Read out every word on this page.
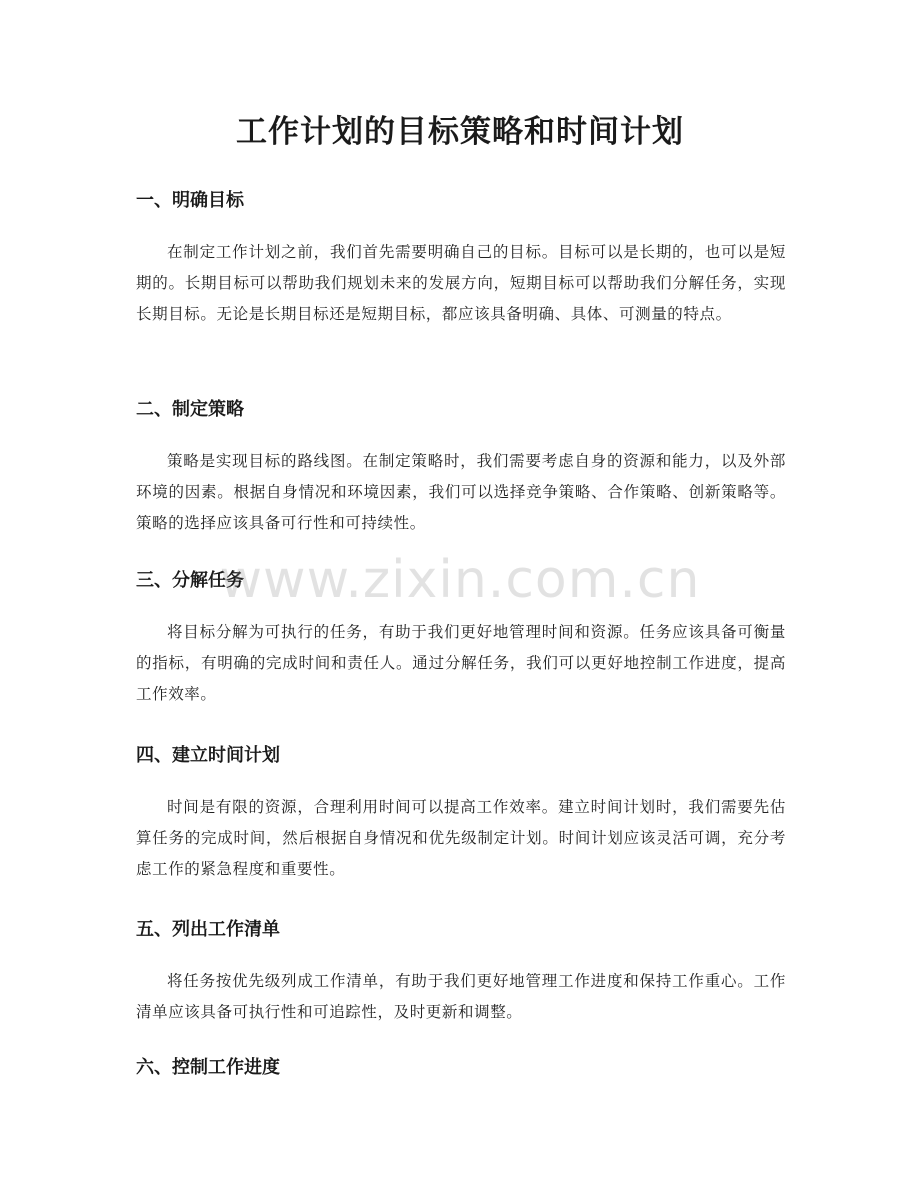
工作计划的目标策略和时间计划
一、明确目标

在制定工作计划之前，我们首先需要明确自己的目标。目标可以是长期的，也可以是短期的。长期目标可以帮助我们规划未来的发展方向，短期目标可以帮助我们分解任务，实现长期目标。无论是长期目标还是短期目标，都应该具备明确、具体、可测量的特点。

二、制定策略

策略是实现目标的路线图。在制定策略时，我们需要考虑自身的资源和能力，以及外部环境的因素。根据自身情况和环境因素，我们可以选择竞争策略、合作策略、创新策略等。策略的选择应该具备可行性和可持续性。

三、分解任务

将目标分解为可执行的任务，有助于我们更好地管理时间和资源。任务应该具备可衡量的指标，有明确的完成时间和责任人。通过分解任务，我们可以更好地控制工作进度，提高工作效率。

四、建立时间计划

时间是有限的资源，合理利用时间可以提高工作效率。建立时间计划时，我们需要先估算任务的完成时间，然后根据自身情况和优先级制定计划。时间计划应该灵活可调，充分考虑工作的紧急程度和重要性。

五、列出工作清单

将任务按优先级列成工作清单，有助于我们更好地管理工作进度和保持工作重心。工作清单应该具备可执行性和可追踪性，及时更新和调整。

六、控制工作进度
www.zixin.com.cn
